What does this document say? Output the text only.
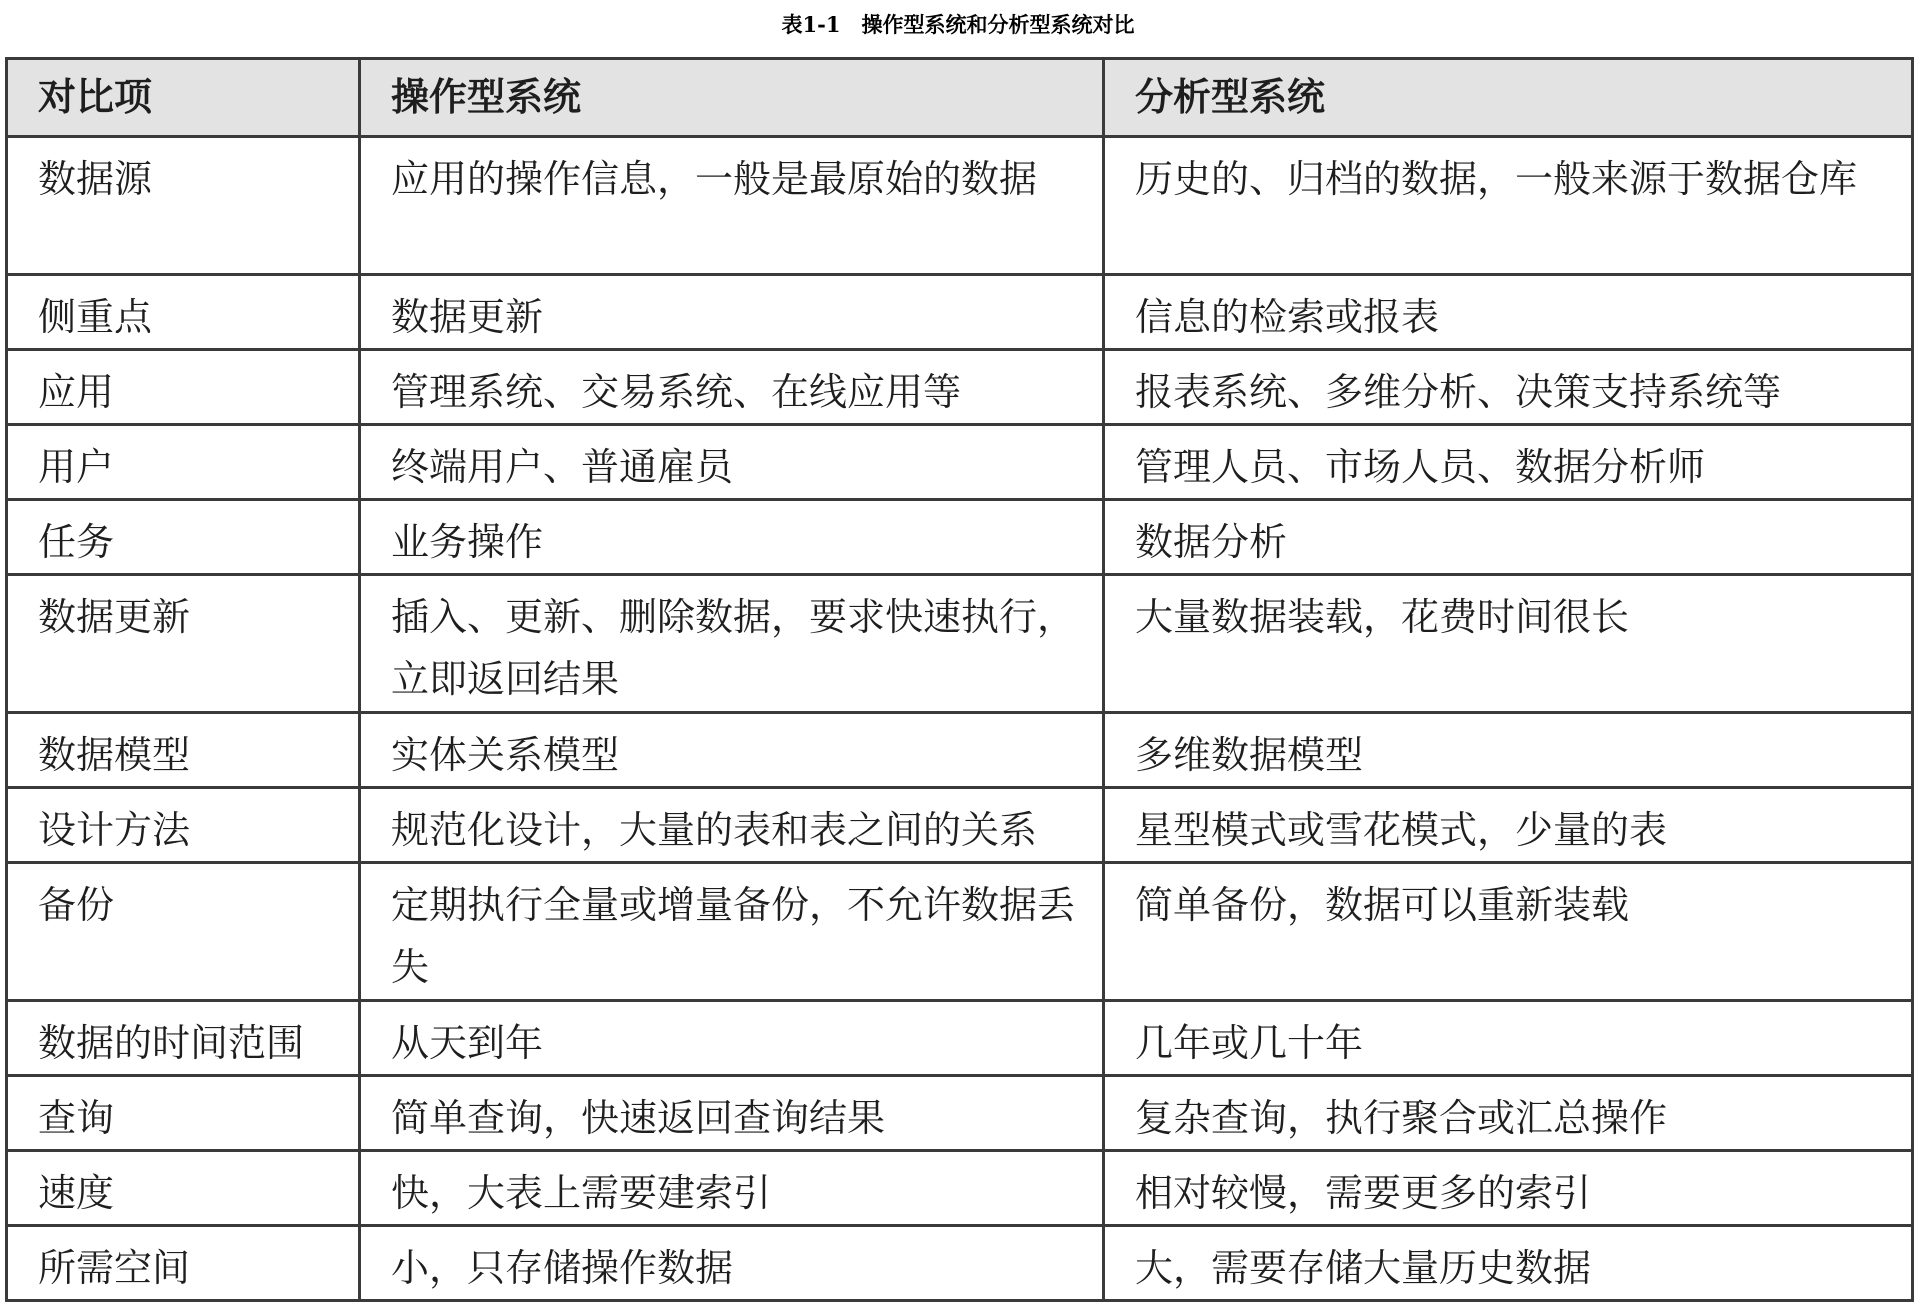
表1-1　操作型系统和分析型系统对比
对比项	操作型系统	分析型系统
数据源	应用的操作信息，一般是最原始的数据	历史的、归档的数据，一般来源于数据仓库
侧重点	数据更新	信息的检索或报表
应用	管理系统、交易系统、在线应用等	报表系统、多维分析、决策支持系统等
用户	终端用户、普通雇员	管理人员、市场人员、数据分析师
任务	业务操作	数据分析
数据更新	插入、更新、删除数据，要求快速执行，立即返回结果	大量数据装载，花费时间很长
数据模型	实体关系模型	多维数据模型
设计方法	规范化设计，大量的表和表之间的关系	星型模式或雪花模式，少量的表
备份	定期执行全量或增量备份，不允许数据丢失	简单备份，数据可以重新装载
数据的时间范围	从天到年	几年或几十年
查询	简单查询，快速返回查询结果	复杂查询，执行聚合或汇总操作
速度	快，大表上需要建索引	相对较慢，需要更多的索引
所需空间	小，只存储操作数据	大，需要存储大量历史数据
